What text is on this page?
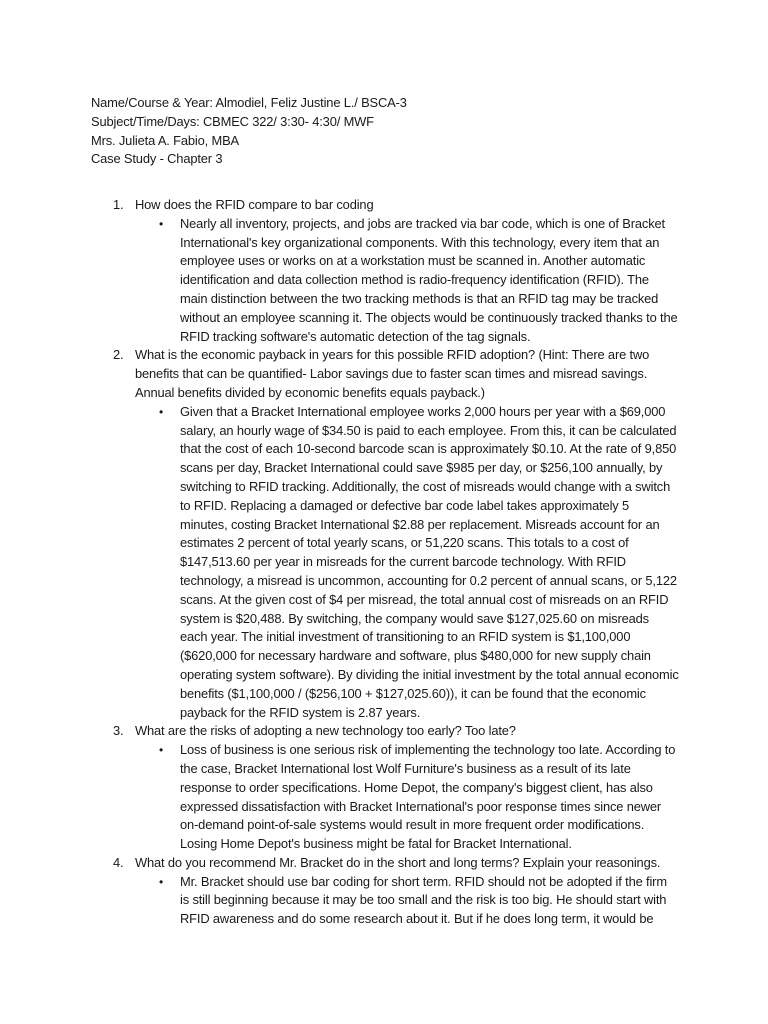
Name/Course & Year: Almodiel, Feliz Justine L./ BSCA-3
Subject/Time/Days: CBMEC 322/ 3:30- 4:30/ MWF
Mrs. Julieta A. Fabio, MBA
Case Study - Chapter 3
1. How does the RFID compare to bar coding
• Nearly all inventory, projects, and jobs are tracked via bar code, which is one of Bracket International's key organizational components. With this technology, every item that an employee uses or works on at a workstation must be scanned in. Another automatic identification and data collection method is radio-frequency identification (RFID). The main distinction between the two tracking methods is that an RFID tag may be tracked without an employee scanning it. The objects would be continuously tracked thanks to the RFID tracking software's automatic detection of the tag signals.
2. What is the economic payback in years for this possible RFID adoption? (Hint: There are two benefits that can be quantified- Labor savings due to faster scan times and misread savings. Annual benefits divided by economic benefits equals payback.)
• Given that a Bracket International employee works 2,000 hours per year with a $69,000 salary, an hourly wage of $34.50 is paid to each employee. From this, it can be calculated that the cost of each 10-second barcode scan is approximately $0.10. At the rate of 9,850 scans per day, Bracket International could save $985 per day, or $256,100 annually, by switching to RFID tracking. Additionally, the cost of misreads would change with a switch to RFID. Replacing a damaged or defective bar code label takes approximately 5 minutes, costing Bracket International $2.88 per replacement. Misreads account for an estimates 2 percent of total yearly scans, or 51,220 scans. This totals to a cost of $147,513.60 per year in misreads for the current barcode technology. With RFID technology, a misread is uncommon, accounting for 0.2 percent of annual scans, or 5,122 scans. At the given cost of $4 per misread, the total annual cost of misreads on an RFID system is $20,488. By switching, the company would save $127,025.60 on misreads each year. The initial investment of transitioning to an RFID system is $1,100,000 ($620,000 for necessary hardware and software, plus $480,000 for new supply chain operating system software). By dividing the initial investment by the total annual economic benefits ($1,100,000 / ($256,100 + $127,025.60)), it can be found that the economic payback for the RFID system is 2.87 years.
3. What are the risks of adopting a new technology too early? Too late?
• Loss of business is one serious risk of implementing the technology too late. According to the case, Bracket International lost Wolf Furniture's business as a result of its late response to order specifications. Home Depot, the company's biggest client, has also expressed dissatisfaction with Bracket International's poor response times since newer on-demand point-of-sale systems would result in more frequent order modifications. Losing Home Depot's business might be fatal for Bracket International.
4. What do you recommend Mr. Bracket do in the short and long terms? Explain your reasonings.
• Mr. Bracket should use bar coding for short term. RFID should not be adopted if the firm is still beginning because it may be too small and the risk is too big. He should start with RFID awareness and do some research about it. But if he does long term, it would be
